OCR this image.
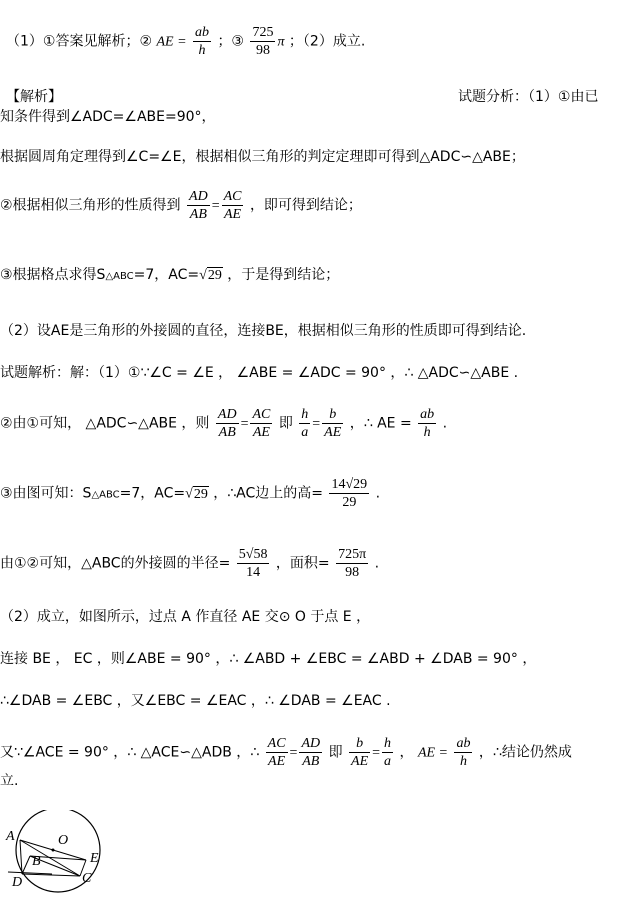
（1）①答案见解析；② AE = $\frac{ab}{h}$ ；③ $\frac{725}{98}$ π ；（2）成立.
【解析】	试题分析：（1）①由已
知条件得到∠ADC=∠ABE=90°，
根据圆周角定理得到∠C=∠E，根据相似三角形的判定定理即可得到△ADC∽△ABE；
②根据相似三角形的性质得到 $\frac{AD}{AB} = \frac{AC}{AE}$ ，即可得到结论；
③根据格点求得S△ABC=7，AC=√29 ，于是得到结论；
（2）设AE是三角形的外接圆的直径，连接BE，根据相似三角形的性质即可得到结论.
试题解析：解：（1）①∵∠C = ∠E ， ∠ABE = ∠ADC = 90° ，∴ △ADC∽△ABE .
②由①可知， △ADC∽△ABE ，则 $\frac{AD}{AB} = \frac{AC}{AE}$ 即 $\frac{h}{a} = \frac{b}{AE}$ ，∴ AE = $\frac{ab}{h}$ .
③由图可知：S△ABC=7，AC=√29 ，∴AC边上的高= $\frac{14√29}{29}$ .
由①②可知，△ABC的外接圆的半径= $\frac{5√58}{14}$ ，面积= $\frac{725\pi}{98}$ .
（2）成立，如图所示，过点 A 作直径 AE 交⊙ O 于点 E ，
连接 BE ， EC ，则∠ABE = 90° ，∴ ∠ABD + ∠EBC = ∠ABD + ∠DAB = 90° ，
∴∠DAB = ∠EBC ，又∠EBC = ∠EAC ，∴ ∠DAB = ∠EAC .
又∵∠ACE = 90° ，∴ △ACE∽△ADB ，∴ $\frac{AC}{AE} = \frac{AD}{AB}$ 即 $\frac{b}{AE} = \frac{h}{a}$ ， AE = $\frac{ab}{h}$ ，∴结论仍然成
立.
A	O
B	E
D	C
